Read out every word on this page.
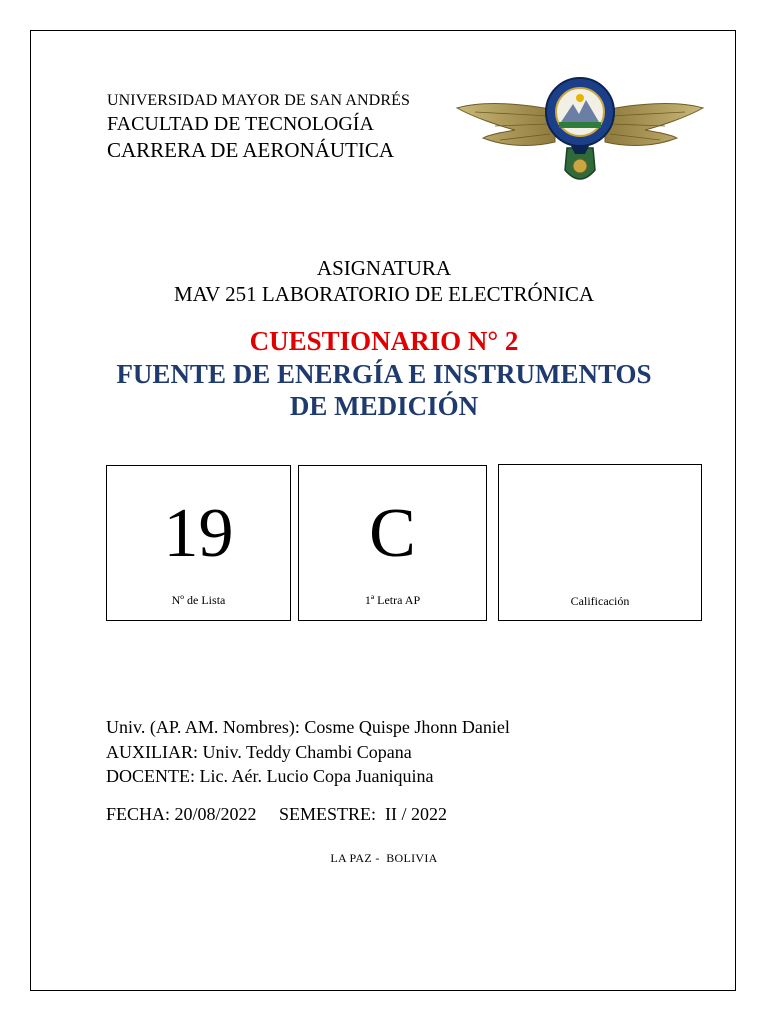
UNIVERSIDAD MAYOR DE SAN ANDRÉS
FACULTAD DE TECNOLOGÍA
CARRERA DE AERONÁUTICA
ASIGNATURA
MAV 251 LABORATORIO DE ELECTRÓNICA
CUESTIONARIO N° 2
FUENTE DE ENERGÍA E INSTRUMENTOS
DE MEDICIÓN
19
Nº de Lista
C
1ª Letra AP	Calificación
Univ. (AP. AM. Nombres): Cosme Quispe Jhonn Daniel
AUXILIAR: Univ. Teddy Chambi Copana
DOCENTE: Lic. Aér. Lucio Copa Juaniquina
FECHA: 20/08/2022     SEMESTRE:  II / 2022
LA PAZ -  BOLIVIA
